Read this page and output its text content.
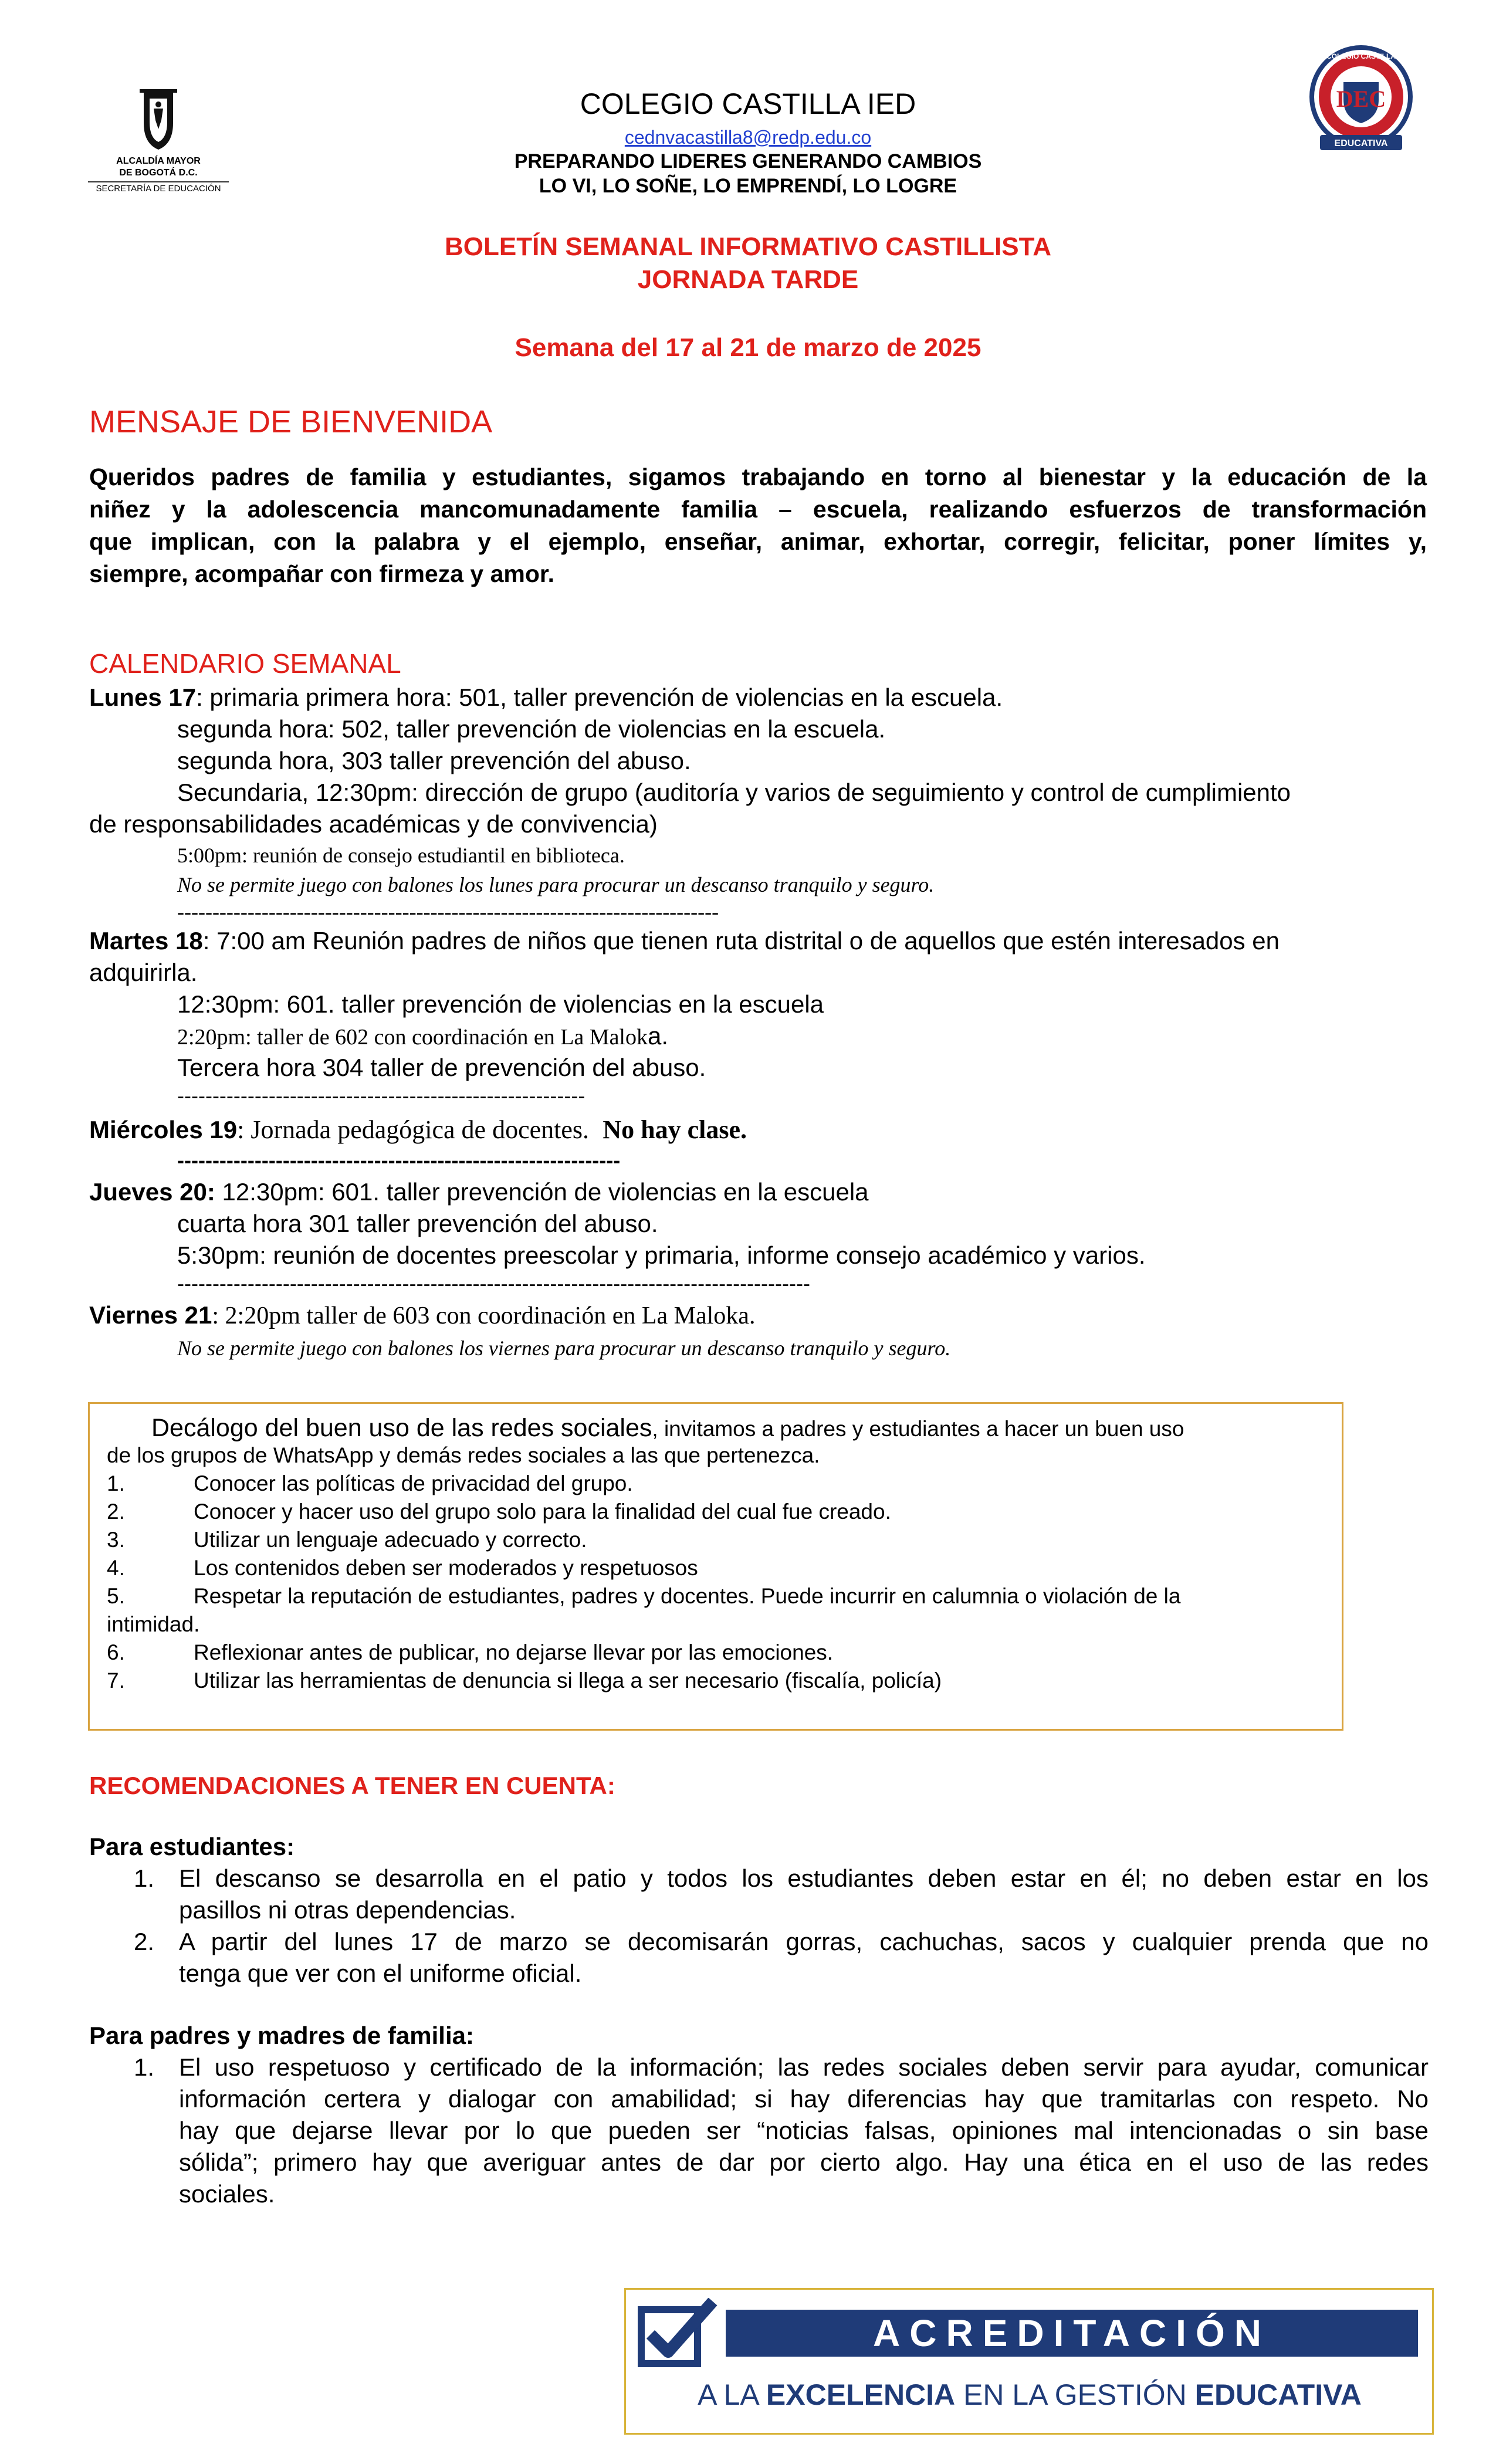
ALCALDÍA MAYOR
DE BOGOTÁ D.C.
SECRETARÍA DE EDUCACIÓN
DEC
EDUCATIVA
COLEGIO CASTILLA
COLEGIO CASTILLA IED
cednvacastilla8@redp.edu.co
PREPARANDO LIDERES GENERANDO CAMBIOS
LO VI, LO SOÑE, LO EMPRENDÍ, LO LOGRE
BOLETÍN SEMANAL INFORMATIVO CASTILLISTA
JORNADA TARDE
Semana del 17 al 21 de marzo de 2025
MENSAJE DE BIENVENIDA
Queridos padres de familia y estudiantes, sigamos trabajando en torno al bienestar y la educación de la
niñez y la adolescencia mancomunadamente familia – escuela, realizando esfuerzos de transformación
que implican, con la palabra y el ejemplo, enseñar, animar, exhortar, corregir, felicitar, poner límites y,
siempre, acompañar con firmeza y amor.
CALENDARIO SEMANAL
Lunes 17: primaria primera hora: 501, taller prevención de violencias en la escuela.
segunda hora: 502, taller prevención de violencias en la escuela.
segunda hora, 303 taller prevención del abuso.
Secundaria, 12:30pm: dirección de grupo (auditoría y varios de seguimiento y control de cumplimiento
de responsabilidades académicas y de convivencia)
5:00pm: reunión de consejo estudiantil en biblioteca.
No se permite juego con balones los lunes para procurar un descanso tranquilo y seguro.
-----------------------------------------------------------------------------
Martes 18: 7:00 am Reunión padres de niños que tienen ruta distrital o de aquellos que estén interesados en
adquirirla.
12:30pm: 601. taller prevención de violencias en la escuela
2:20pm: taller de 602 con coordinación en La Maloka.
Tercera hora 304 taller de prevención del abuso.
----------------------------------------------------------
Miércoles 19: Jornada pedagógica de docentes. No hay clase.
---------------------------------------------------------------
Jueves 20: 12:30pm: 601. taller prevención de violencias en la escuela
cuarta hora 301 taller prevención del abuso.
5:30pm: reunión de docentes preescolar y primaria, informe consejo académico y varios.
------------------------------------------------------------------------------------------
Viernes 21: 2:20pm taller de 603 con coordinación en La Maloka.
No se permite juego con balones los viernes para procurar un descanso tranquilo y seguro.
Decálogo del buen uso de las redes sociales, invitamos a padres y estudiantes a hacer un buen uso
de los grupos de WhatsApp y demás redes sociales a las que pertenezca.
1.	Conocer las políticas de privacidad del grupo.
2.	Conocer y hacer uso del grupo solo para la finalidad del cual fue creado.
3.	Utilizar un lenguaje adecuado y correcto.
4.	Los contenidos deben ser moderados y respetuosos
5.	Respetar la reputación de estudiantes, padres y docentes. Puede incurrir en calumnia o violación de la
intimidad.
6.	Reflexionar antes de publicar, no dejarse llevar por las emociones.
7.	Utilizar las herramientas de denuncia si llega a ser necesario (fiscalía, policía)
RECOMENDACIONES A TENER EN CUENTA:
Para estudiantes:
1. El descanso se desarrolla en el patio y todos los estudiantes deben estar en él; no deben estar en los
pasillos ni otras dependencias.
2. A partir del lunes 17 de marzo se decomisarán gorras, cachuchas, sacos y cualquier prenda que no
tenga que ver con el uniforme oficial.
Para padres y madres de familia:
1. El uso respetuoso y certificado de la información; las redes sociales deben servir para ayudar, comunicar
información certera y dialogar con amabilidad; si hay diferencias hay que tramitarlas con respeto. No
hay que dejarse llevar por lo que pueden ser “noticias falsas, opiniones mal intencionadas o sin base
sólida”; primero hay que averiguar antes de dar por cierto algo. Hay una ética en el uso de las redes
sociales.
ACREDITACIÓN
A LA EXCELENCIA EN LA GESTIÓN EDUCATIVA
